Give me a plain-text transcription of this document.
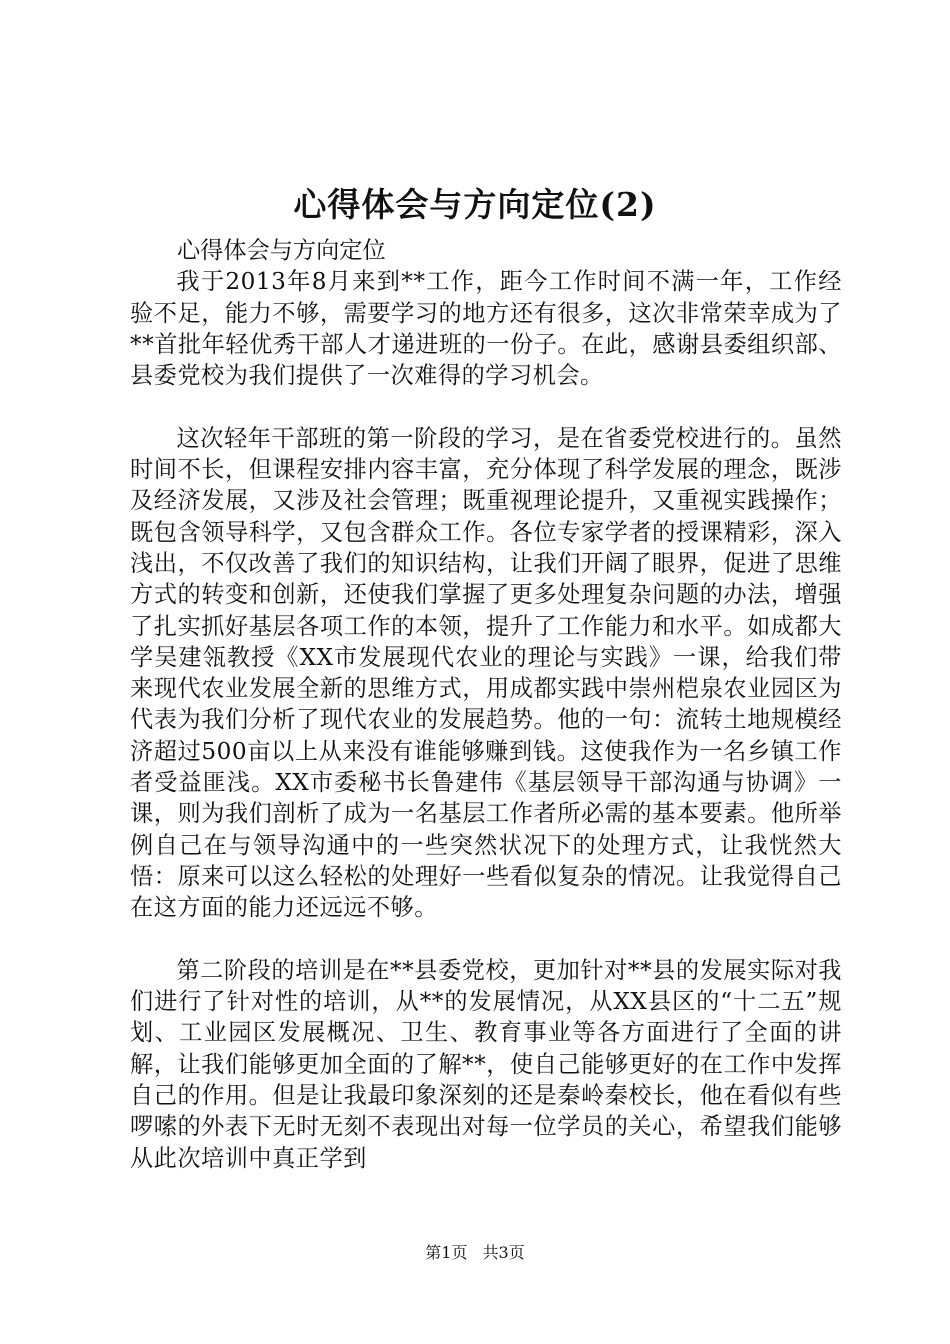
心得体会与方向定位(2)

心得体会与方向定位

我于2013年8月来到**工作，距今工作时间不满一年，工作经验不足，能力不够，需要学习的地方还有很多，这次非常荣幸成为了**首批年轻优秀干部人才递进班的一份子。在此，感谢县委组织部、县委党校为我们提供了一次难得的学习机会。

这次轻年干部班的第一阶段的学习，是在省委党校进行的。虽然时间不长，但课程安排内容丰富，充分体现了科学发展的理念，既涉及经济发展，又涉及社会管理；既重视理论提升，又重视实践操作；既包含领导科学，又包含群众工作。各位专家学者的授课精彩，深入浅出，不仅改善了我们的知识结构，让我们开阔了眼界，促进了思维方式的转变和创新，还使我们掌握了更多处理复杂问题的办法，增强了扎实抓好基层各项工作的本领，提升了工作能力和水平。如成都大学吴建瓴教授《XX市发展现代农业的理论与实践》一课，给我们带来现代农业发展全新的思维方式，用成都实践中崇州桤泉农业园区为代表为我们分析了现代农业的发展趋势。他的一句：流转土地规模经济超过500亩以上从来没有谁能够赚到钱。这使我作为一名乡镇工作者受益匪浅。XX市委秘书长鲁建伟《基层领导干部沟通与协调》一课，则为我们剖析了成为一名基层工作者所必需的基本要素。他所举例自己在与领导沟通中的一些突然状况下的处理方式，让我恍然大悟：原来可以这么轻松的处理好一些看似复杂的情况。让我觉得自己在这方面的能力还远远不够。

第二阶段的培训是在**县委党校，更加针对**县的发展实际对我们进行了针对性的培训，从**的发展情况，从XX县区的“十二五”规划、工业园区发展概况、卫生、教育事业等各方面进行了全面的讲解，让我们能够更加全面的了解**，使自己能够更好的在工作中发挥自己的作用。但是让我最印象深刻的还是秦岭秦校长，他在看似有些啰嗦的外表下无时无刻不表现出对每一位学员的关心，希望我们能够从此次培训中真正学到

第1页 共3页
